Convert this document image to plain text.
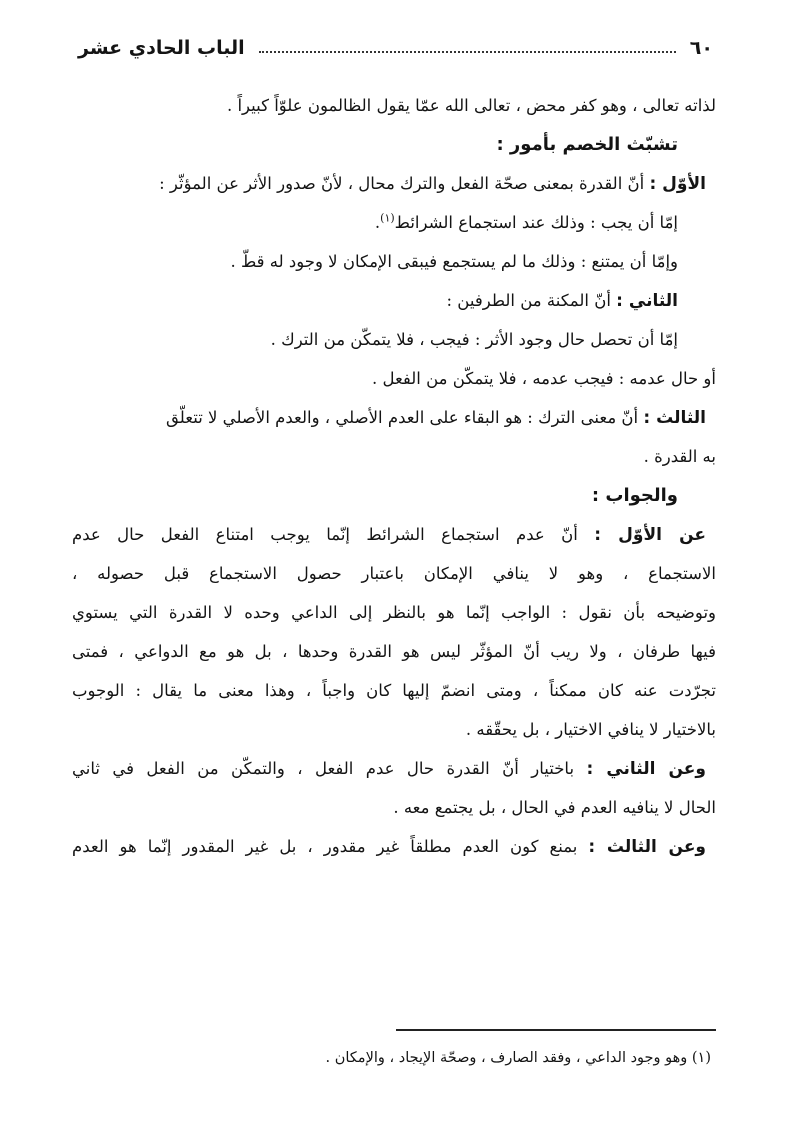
٦٠
الباب الحادي عشر
لذاته تعالى ، وهو كفر محض ، تعالى الله عمّا يقول الظالمون علوّاً كبيراً .
تشبّث الخصم بأمور :
الأوّل : أنّ القدرة بمعنى صحّة الفعل والترك محال ، لأنّ صدور الأثر عن المؤثّر :
إمّا أن يجب : وذلك عند استجماع الشرائط$^{(١)}$.
وإمّا أن يمتنع : وذلك ما لم يستجمع فيبقى الإمكان لا وجود له قطّ .
الثاني : أنّ المكنة من الطرفين :
إمّا أن تحصل حال وجود الأثر : فيجب ، فلا يتمكّن من الترك .
أو حال عدمه : فيجب عدمه ، فلا يتمكّن من الفعل .
الثالث : أنّ معنى الترك : هو البقاء على العدم الأصلي ، والعدم الأصلي لا تتعلّق
به القدرة .
والجواب :
عن الأوّل : أنّ عدم استجماع الشرائط إنّما يوجب امتناع الفعل حال عدم
الاستجماع ، وهو لا ينافي الإمكان باعتبار حصول الاستجماع قبل حصوله ،
وتوضيحه بأن نقول : الواجب إنّما هو بالنظر إلى الداعي وحده لا القدرة التي يستوي
فيها طرفان ، ولا ريب أنّ المؤثّر ليس هو القدرة وحدها ، بل هو مع الدواعي ، فمتى
تجرّدت عنه كان ممكناً ، ومتى انضمّ إليها كان واجباً ، وهذا معنى ما يقال : الوجوب
بالاختيار لا ينافي الاختيار ، بل يحقّقه .
وعن الثاني : باختيار أنّ القدرة حال عدم الفعل ، والتمكّن من الفعل في ثاني
الحال لا ينافيه العدم في الحال ، بل يجتمع معه .
وعن الثالث : بمنع كون العدم مطلقاً غير مقدور ، بل غير المقدور إنّما هو العدم
(١) وهو وجود الداعي ، وفقد الصارف ، وصحّة الإيجاد ، والإمكان .
